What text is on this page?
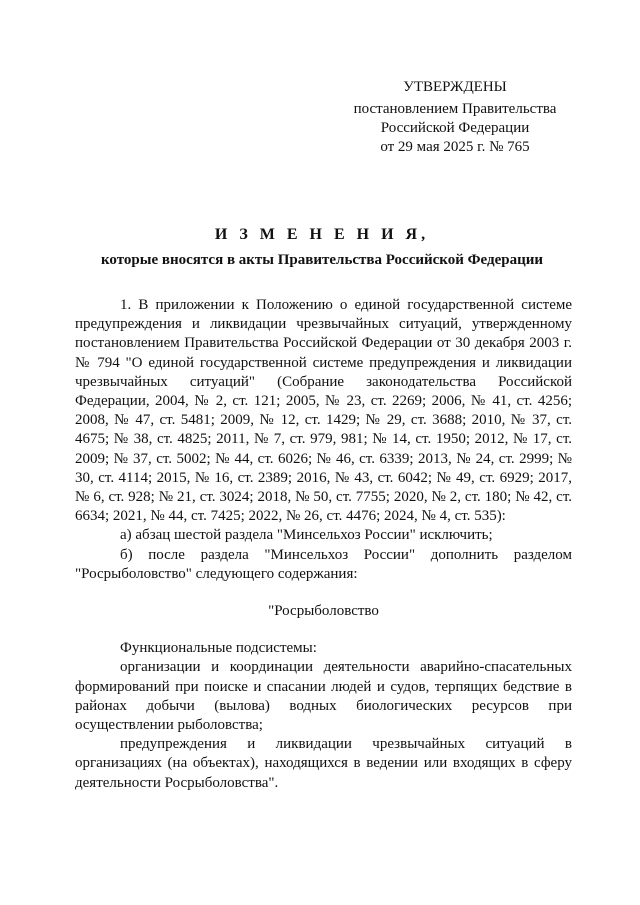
УТВЕРЖДЕНЫ
постановлением Правительства
Российской Федерации
от 29 мая 2025 г. № 765
И З М Е Н Е Н И Я,
которые вносятся в акты Правительства Российской Федерации

1. В приложении к Положению о единой государственной системе предупреждения и ликвидации чрезвычайных ситуаций, утвержденному постановлением Правительства Российской Федерации от 30 декабря 2003 г. № 794 "О единой государственной системе предупреждения и ликвидации чрезвычайных ситуаций" (Собрание законодательства Российской Федерации, 2004, № 2, ст. 121; 2005, № 23, ст. 2269; 2006, № 41, ст. 4256; 2008, № 47, ст. 5481; 2009, № 12, ст. 1429; № 29, ст. 3688; 2010, № 37, ст. 4675; № 38, ст. 4825; 2011, № 7, ст. 979, 981; № 14, ст. 1950; 2012, № 17, ст. 2009; № 37, ст. 5002; № 44, ст. 6026; № 46, ст. 6339; 2013, № 24, ст. 2999; № 30, ст. 4114; 2015, № 16, ст. 2389; 2016, № 43, ст. 6042; № 49, ст. 6929; 2017, № 6, ст. 928; № 21, ст. 3024; 2018, № 50, ст. 7755; 2020, № 2, ст. 180; № 42, ст. 6634; 2021, № 44, ст. 7425; 2022, № 26, ст. 4476; 2024, № 4, ст. 535):

а) абзац шестой раздела "Минсельхоз России" исключить;

б) после раздела "Минсельхоз России" дополнить разделом "Росрыболовство" следующего содержания:

"Росрыболовство

Функциональные подсистемы:

организации и координации деятельности аварийно-спасательных формирований при поиске и спасании людей и судов, терпящих бедствие в районах добычи (вылова) водных биологических ресурсов при осуществлении рыболовства;

предупреждения и ликвидации чрезвычайных ситуаций в организациях (на объектах), находящихся в ведении или входящих в сферу деятельности Росрыболовства".
